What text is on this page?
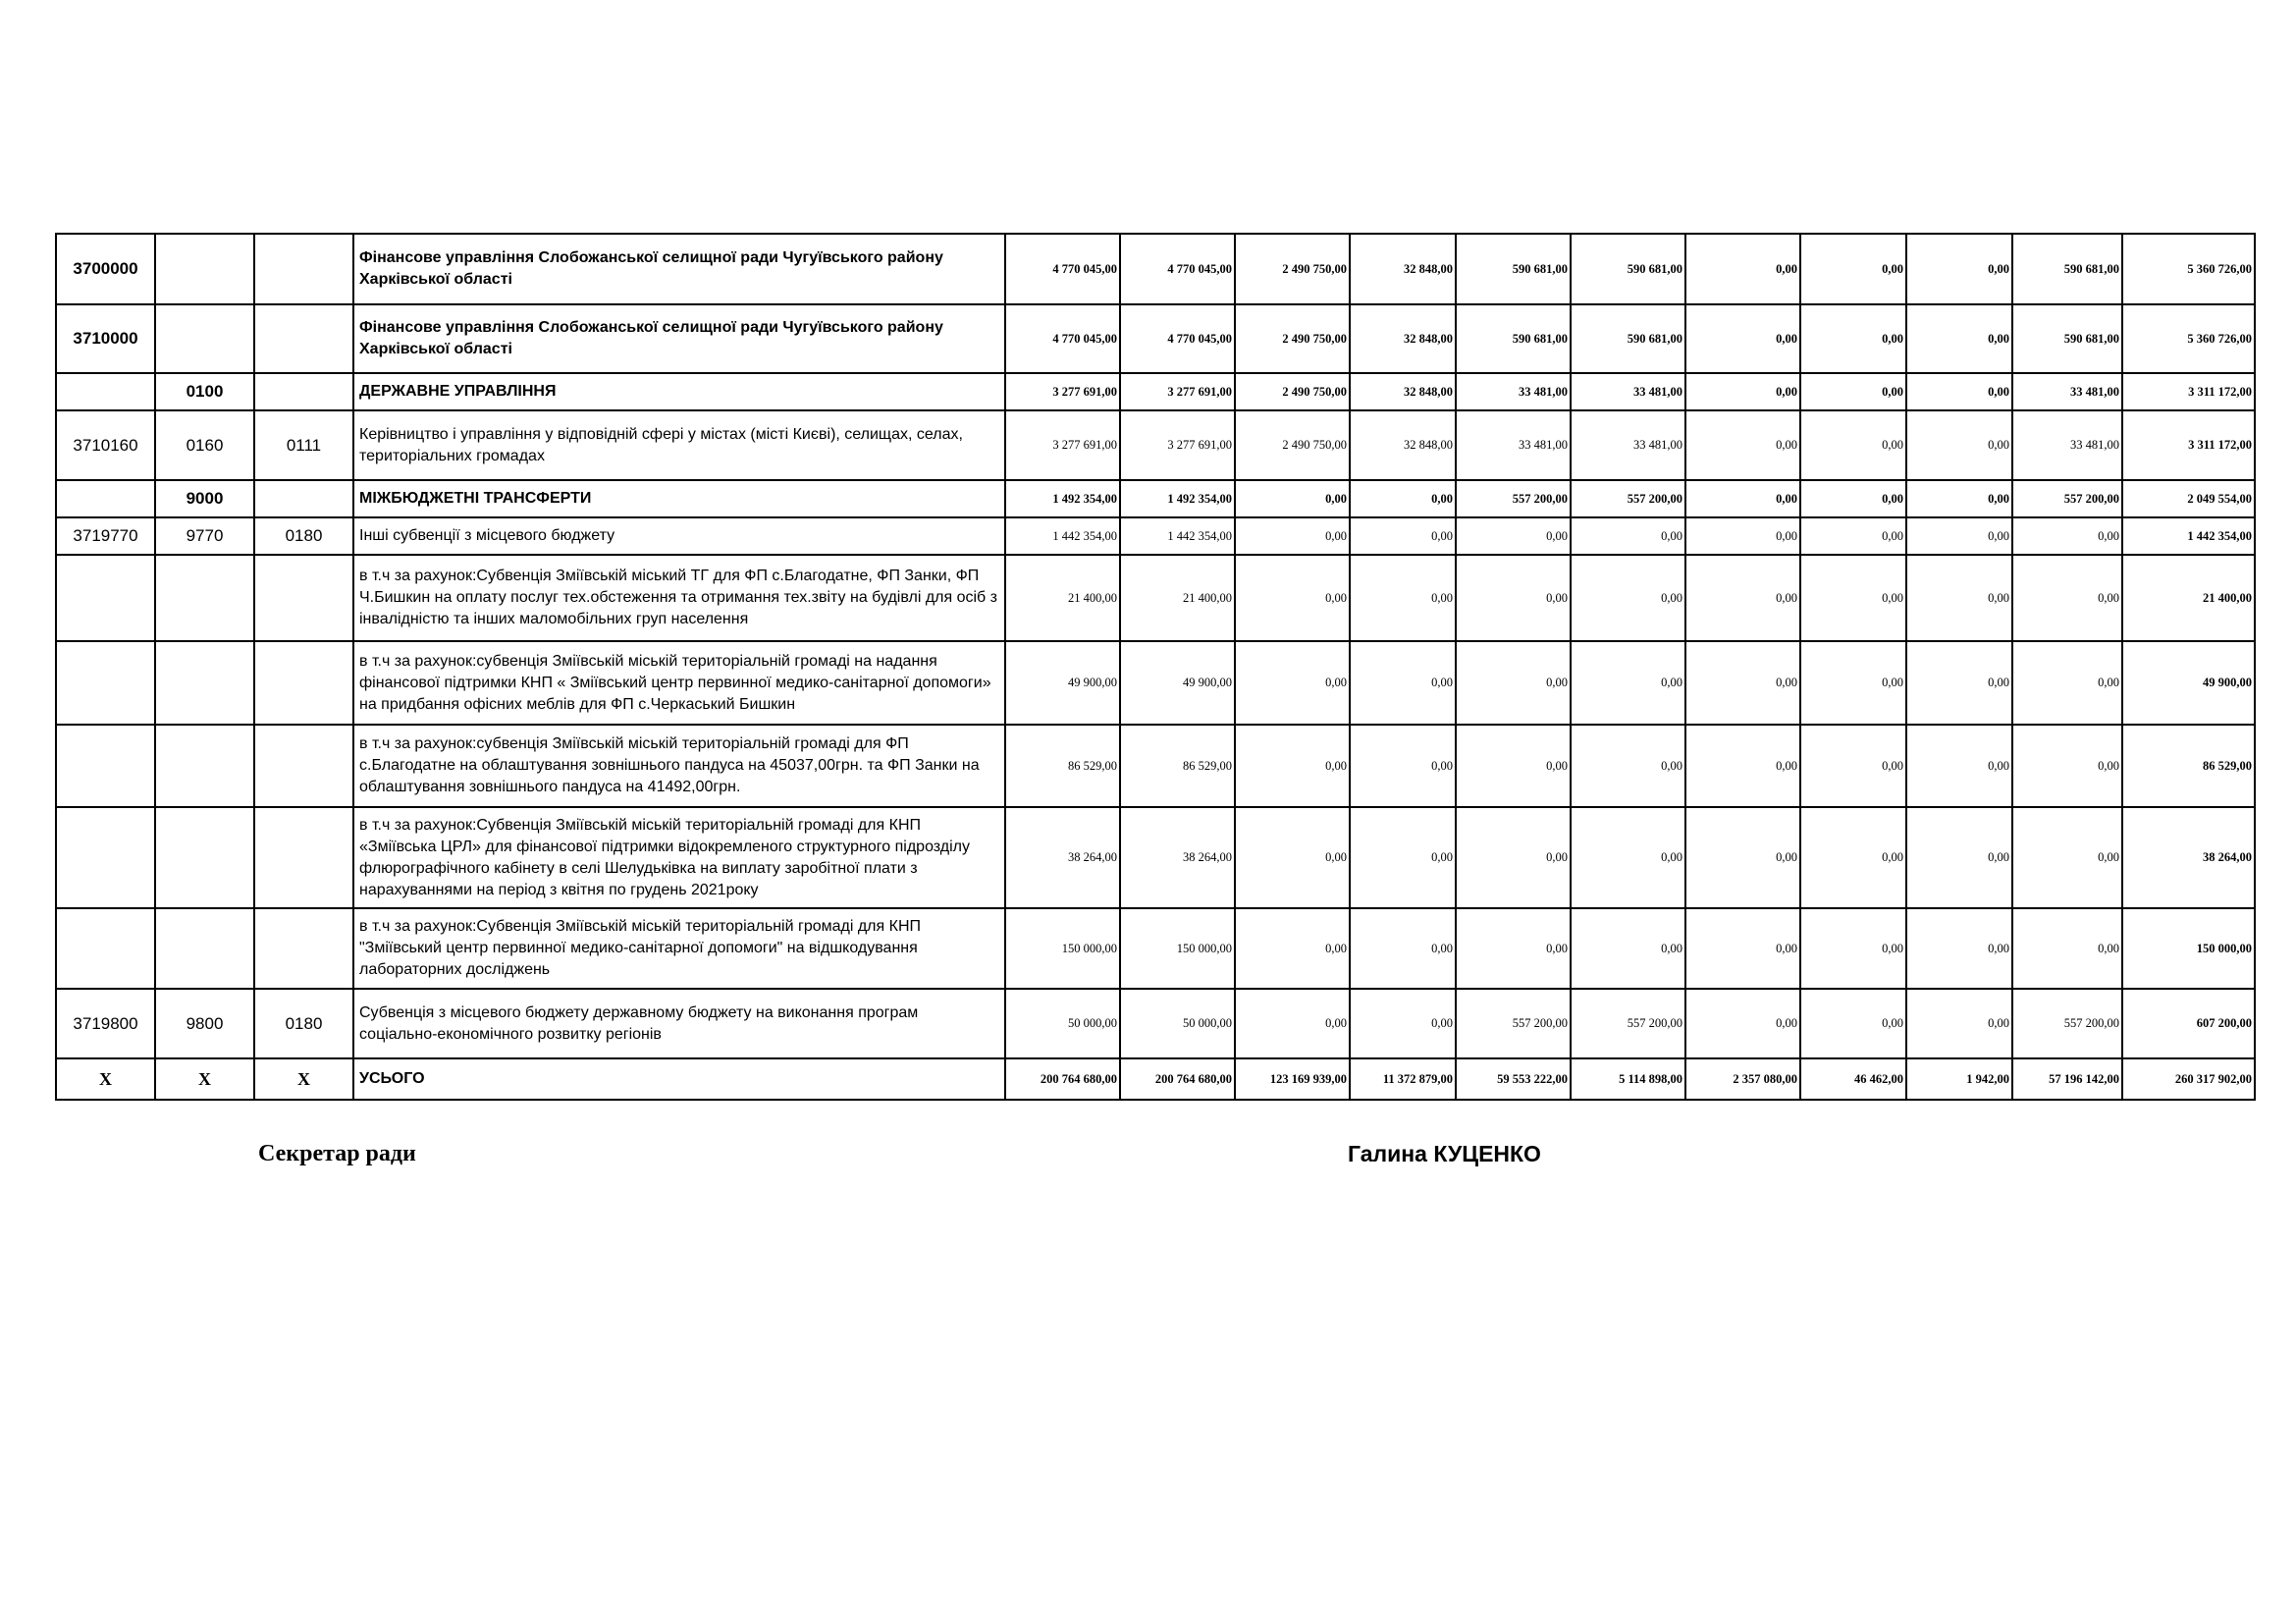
3700000			Фінансове управління Слобожанської селищної ради Чугуївського району Харківської області	4 770 045,00	4 770 045,00	2 490 750,00	32 848,00	590 681,00	590 681,00	0,00	0,00	0,00	590 681,00	5 360 726,00
3710000			Фінансове управління Слобожанської селищної ради Чугуївського району Харківської області	4 770 045,00	4 770 045,00	2 490 750,00	32 848,00	590 681,00	590 681,00	0,00	0,00	0,00	590 681,00	5 360 726,00
	0100		ДЕРЖАВНЕ УПРАВЛІННЯ	3 277 691,00	3 277 691,00	2 490 750,00	32 848,00	33 481,00	33 481,00	0,00	0,00	0,00	33 481,00	3 311 172,00
3710160	0160	0111	Керівництво і управління у відповідній сфері у містах (місті Києві), селищах, селах, територіальних громадах	3 277 691,00	3 277 691,00	2 490 750,00	32 848,00	33 481,00	33 481,00	0,00	0,00	0,00	33 481,00	3 311 172,00
	9000		МІЖБЮДЖЕТНІ ТРАНСФЕРТИ	1 492 354,00	1 492 354,00	0,00	0,00	557 200,00	557 200,00	0,00	0,00	0,00	557 200,00	2 049 554,00
3719770	9770	0180	Інші субвенції з місцевого бюджету	1 442 354,00	1 442 354,00	0,00	0,00	0,00	0,00	0,00	0,00	0,00	0,00	1 442 354,00
			в т.ч за рахунок:Субвенція Зміївській міський ТГ для ФП с.Благодатне, ФП Занки, ФП Ч.Бишкин на оплату послуг тех.обстеження та отримання тех.звіту на будівлі для осіб з інвалідністю та інших маломобільних груп населення	21 400,00	21 400,00	0,00	0,00	0,00	0,00	0,00	0,00	0,00	0,00	21 400,00
			в т.ч за рахунок:субвенція Зміївській міській територіальній громаді на надання фінансової підтримки КНП « Зміївський центр первинної медико-санітарної допомоги» на придбання офісних меблів для ФП с.Черкаський Бишкин	49 900,00	49 900,00	0,00	0,00	0,00	0,00	0,00	0,00	0,00	0,00	49 900,00
			в т.ч за рахунок:субвенція Зміївській міській територіальній громаді для ФП с.Благодатне на облаштування зовнішнього пандуса на 45037,00грн. та ФП Занки на облаштування зовнішнього пандуса на 41492,00грн.	86 529,00	86 529,00	0,00	0,00	0,00	0,00	0,00	0,00	0,00	0,00	86 529,00
			в т.ч за рахунок:Субвенція Зміївській міській територіальній громаді для КНП «Зміївська ЦРЛ» для фінансової підтримки відокремленого структурного підрозділу флюрографічного кабінету в селі Шелудьківка на виплату заробітної плати з нарахуваннями на період з квітня по грудень 2021року	38 264,00	38 264,00	0,00	0,00	0,00	0,00	0,00	0,00	0,00	0,00	38 264,00
			в т.ч за рахунок:Субвенція Зміївській міській територіальній громаді для КНП "Зміївський центр первинної медико-санітарної допомоги" на відшкодування лабораторних досліджень	150 000,00	150 000,00	0,00	0,00	0,00	0,00	0,00	0,00	0,00	0,00	150 000,00
3719800	9800	0180	Субвенція з місцевого бюджету державному бюджету на виконання програм соціально-економічного розвитку регіонів	50 000,00	50 000,00	0,00	0,00	557 200,00	557 200,00	0,00	0,00	0,00	557 200,00	607 200,00
Х	Х	Х	УСЬОГО	200 764 680,00	200 764 680,00	123 169 939,00	11 372 879,00	59 553 222,00	5 114 898,00	2 357 080,00	46 462,00	1 942,00	57 196 142,00	260 317 902,00
Секретар ради	Галина КУЦЕНКО
